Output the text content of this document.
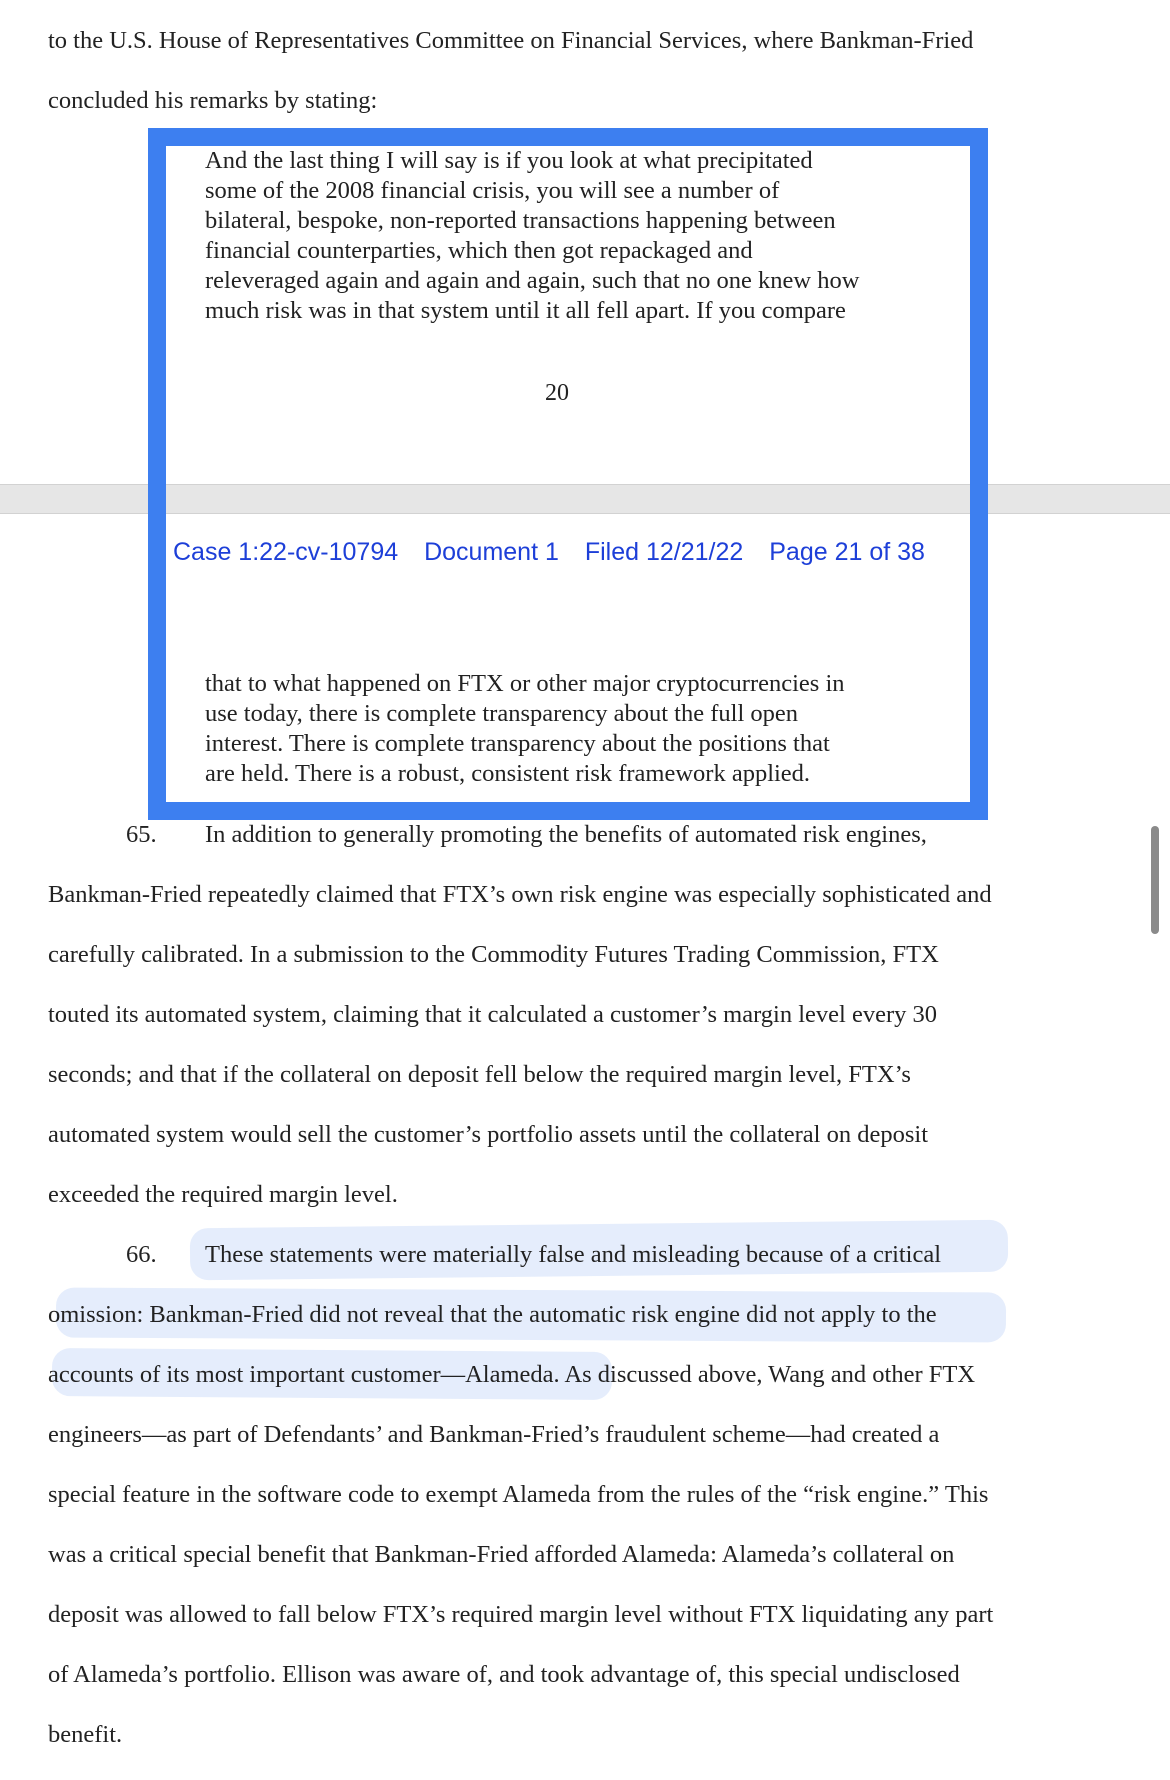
to the U.S. House of Representatives Committee on Financial Services, where Bankman-Fried
concluded his remarks by stating:
And the last thing I will say is if you look at what precipitated
some of the 2008 financial crisis, you will see a number of
bilateral, bespoke, non-reported transactions happening between
financial counterparties, which then got repackaged and
releveraged again and again and again, such that no one knew how
much risk was in that system until it all fell apart. If you compare
20
Case 1:22-cv-10794 Document 1 Filed 12/21/22 Page 21 of 38
that to what happened on FTX or other major cryptocurrencies in
use today, there is complete transparency about the full open
interest. There is complete transparency about the positions that
are held. There is a robust, consistent risk framework applied.
65. In addition to generally promoting the benefits of automated risk engines,
Bankman-Fried repeatedly claimed that FTX’s own risk engine was especially sophisticated and
carefully calibrated. In a submission to the Commodity Futures Trading Commission, FTX
touted its automated system, claiming that it calculated a customer’s margin level every 30
seconds; and that if the collateral on deposit fell below the required margin level, FTX’s
automated system would sell the customer’s portfolio assets until the collateral on deposit
exceeded the required margin level.
66. These statements were materially false and misleading because of a critical
omission: Bankman-Fried did not reveal that the automatic risk engine did not apply to the
accounts of its most important customer—Alameda. As discussed above, Wang and other FTX
engineers—as part of Defendants’ and Bankman-Fried’s fraudulent scheme—had created a
special feature in the software code to exempt Alameda from the rules of the “risk engine.” This
was a critical special benefit that Bankman-Fried afforded Alameda: Alameda’s collateral on
deposit was allowed to fall below FTX’s required margin level without FTX liquidating any part
of Alameda’s portfolio. Ellison was aware of, and took advantage of, this special undisclosed
benefit.
